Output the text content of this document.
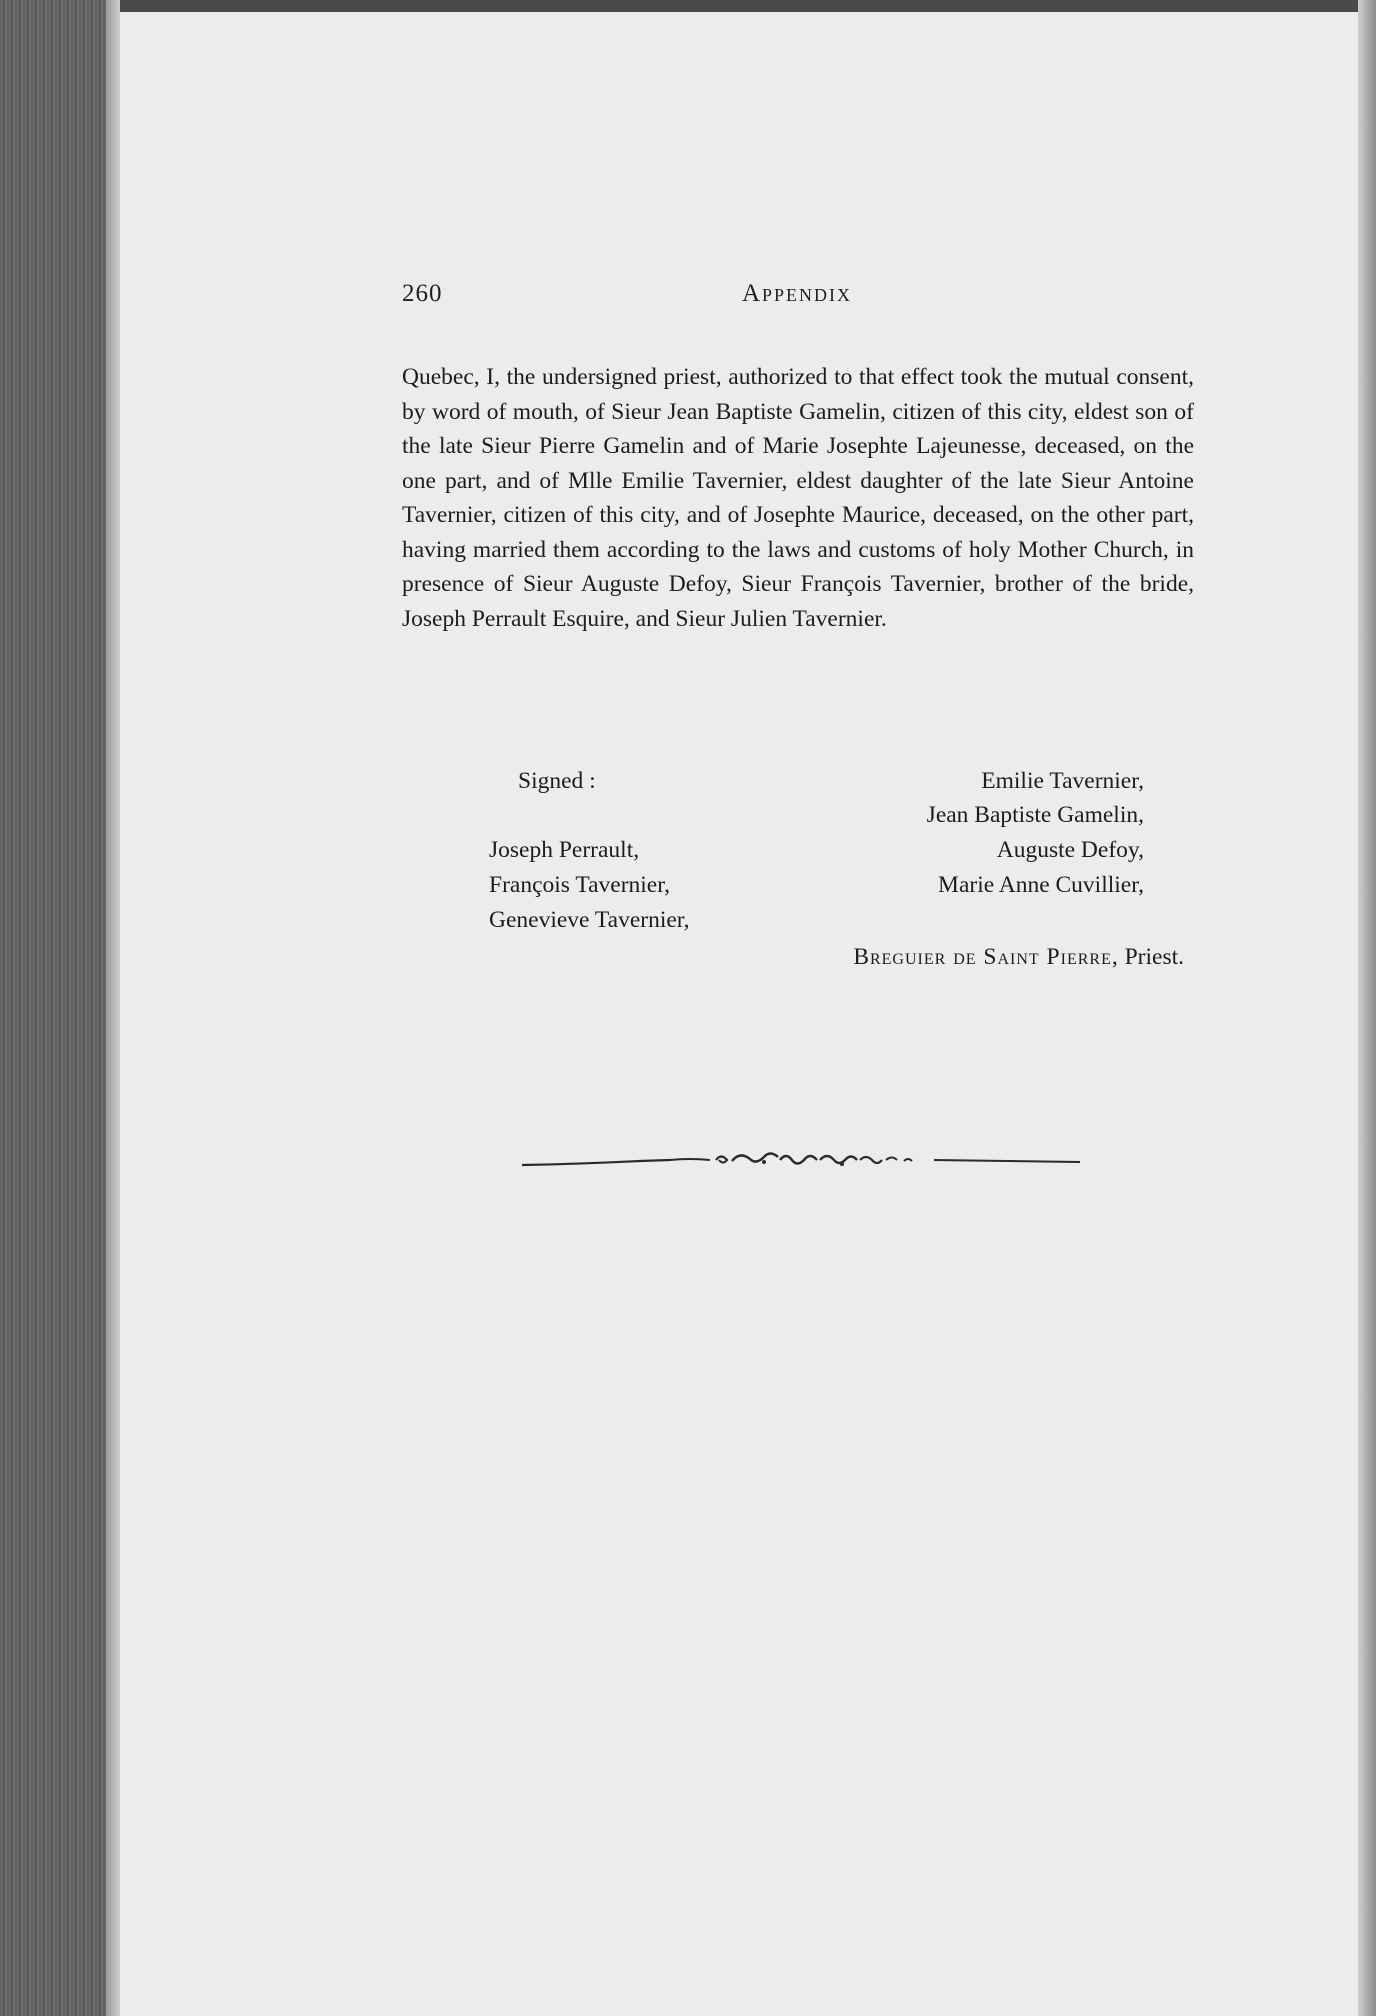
260	Appendix

Quebec, I, the undersigned priest, authorized to that effect took the mutual consent, by word of mouth, of Sieur Jean Baptiste Gamelin, citizen of this city, eldest son of the late Sieur Pierre Gamelin and of Marie Josephte Lajeunesse, deceased, on the one part, and of Mlle Emilie Tavernier, eldest daughter of the late Sieur Antoine Tavernier, citizen of this city, and of Josephte Maurice, deceased, on the other part, having married them according to the laws and customs of holy Mother Church, in presence of Sieur Auguste Defoy, Sieur François Tavernier, brother of the bride, Joseph Perrault Esquire, and Sieur Julien Tavernier.

Signed :	Emilie Tavernier,
Jean Baptiste Gamelin,
Auguste Defoy,
Marie Anne Cuvillier,
Joseph Perrault,
François Tavernier,
Genevieve Tavernier,
Breguier de Saint Pierre, Priest.
